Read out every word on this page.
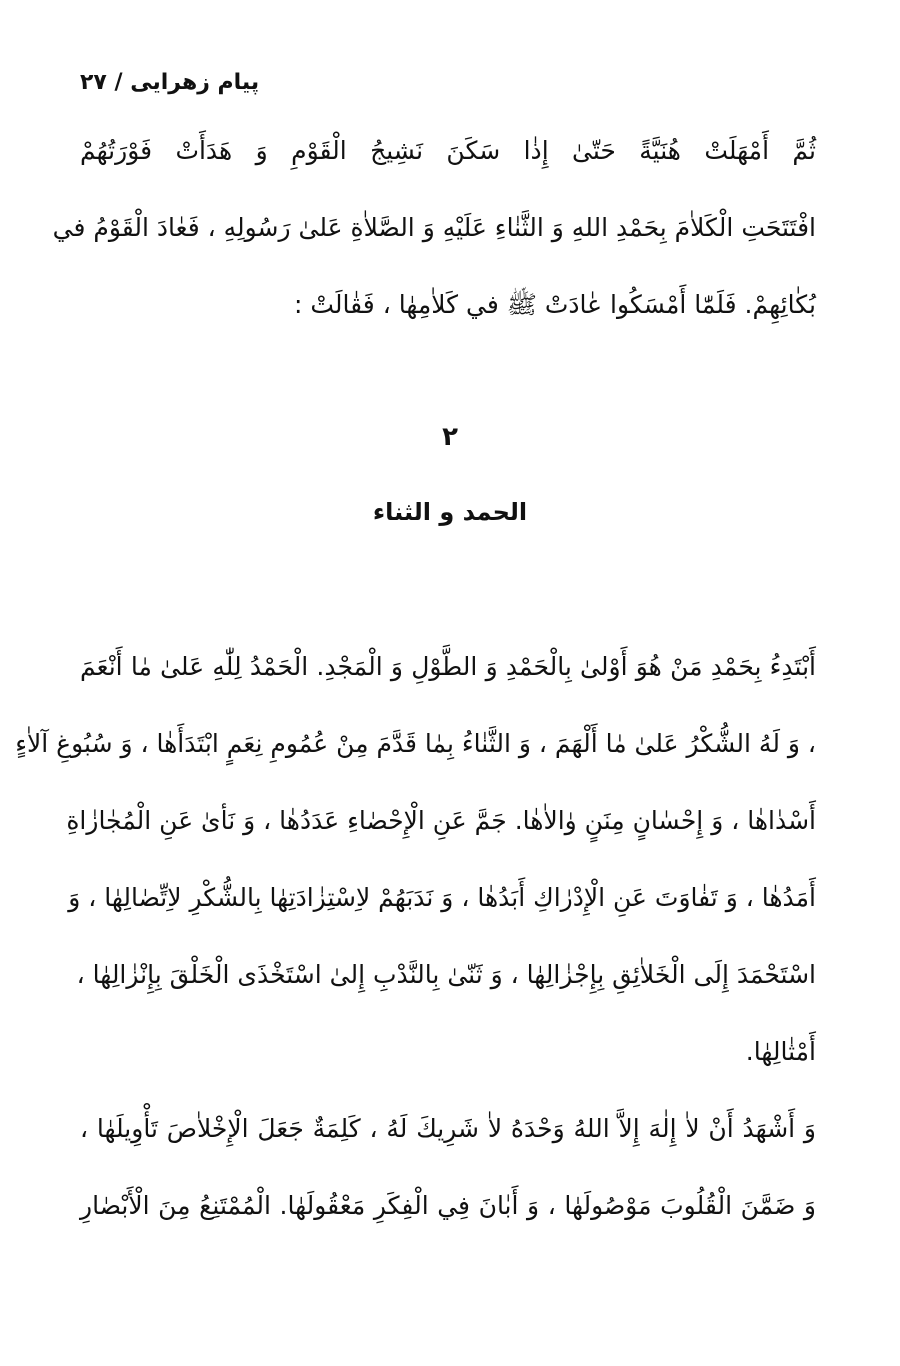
پیام زهرایی / ۲۷
ثُمَّ أَمْهَلَتْ هُنَيَّةً حَتّىٰ إِذٰا سَكَنَ نَشِيجُ الْقَوْمِ وَ هَدَأَتْ فَوْرَتُهُمْ
افْتَتَحَتِ الْكَلاٰمَ بِحَمْدِ اللهِ وَ الثَّنٰاءِ عَلَيْهِ وَ الصَّلاٰةِ عَلىٰ رَسُولِهِ ، فَعٰادَ الْقَوْمُ في
بُكٰائِهِمْ. فَلَمّٰا أَمْسَكُوا عٰادَتْ ﷺ في كَلاٰمِهٰا ، فَقٰالَتْ :
۲
الحمد و الثناء
أَبْتَدِءُ بِحَمْدِ مَنْ هُوَ أَوْلىٰ بِالْحَمْدِ وَ الطَّوْلِ وَ الْمَجْدِ. الْحَمْدُ لِلّٰهِ عَلىٰ مٰا أَنْعَمَ
، وَ لَهُ الشُّكْرُ عَلىٰ مٰا أَلْهَمَ ، وَ الثَّنٰاءُ بِمٰا قَدَّمَ مِنْ عُمُومِ نِعَمٍ ابْتَدَأَهٰا ، وَ سُبُوغِ آلاٰءٍ
أَسْدٰاهٰا ، وَ إِحْسٰانٍ مِنَنٍ وٰالاٰهٰا. جَمَّ عَنِ الْإِحْصٰاءِ عَدَدُهٰا ، وَ نَأىٰ عَنِ الْمُجٰازٰاةِ
أَمَدُهٰا ، وَ تَفٰاوَتَ عَنِ الْإِدْرٰاكِ أَبَدُهٰا ، وَ نَدَبَهُمْ لاِسْتِزٰادَتِهٰا بِالشُّكْرِ لاِتِّصٰالِهٰا ، وَ
اسْتَحْمَدَ إِلَى الْخَلاٰئِقِ بِإِجْزٰالِهٰا ، وَ ثَنّىٰ بِالنَّدْبِ إِلىٰ اسْتَخْذَى الْخَلْقَ بِإِنْزٰالِهٰا ،
أَمْثٰالِهٰا.
وَ أَشْهَدُ أَنْ لاٰ إِلٰهَ إِلاَّ اللهُ وَحْدَهُ لاٰ شَرِيكَ لَهُ ، كَلِمَةٌ جَعَلَ الْإِخْلاٰصَ تَأْوِيلَهٰا ،
وَ ضَمَّنَ الْقُلُوبَ مَوْصُولَهٰا ، وَ أَبٰانَ فِي الْفِكَرِ مَعْقُولَهٰا. الْمُمْتَنِعُ مِنَ الْأَبْصٰارِ
